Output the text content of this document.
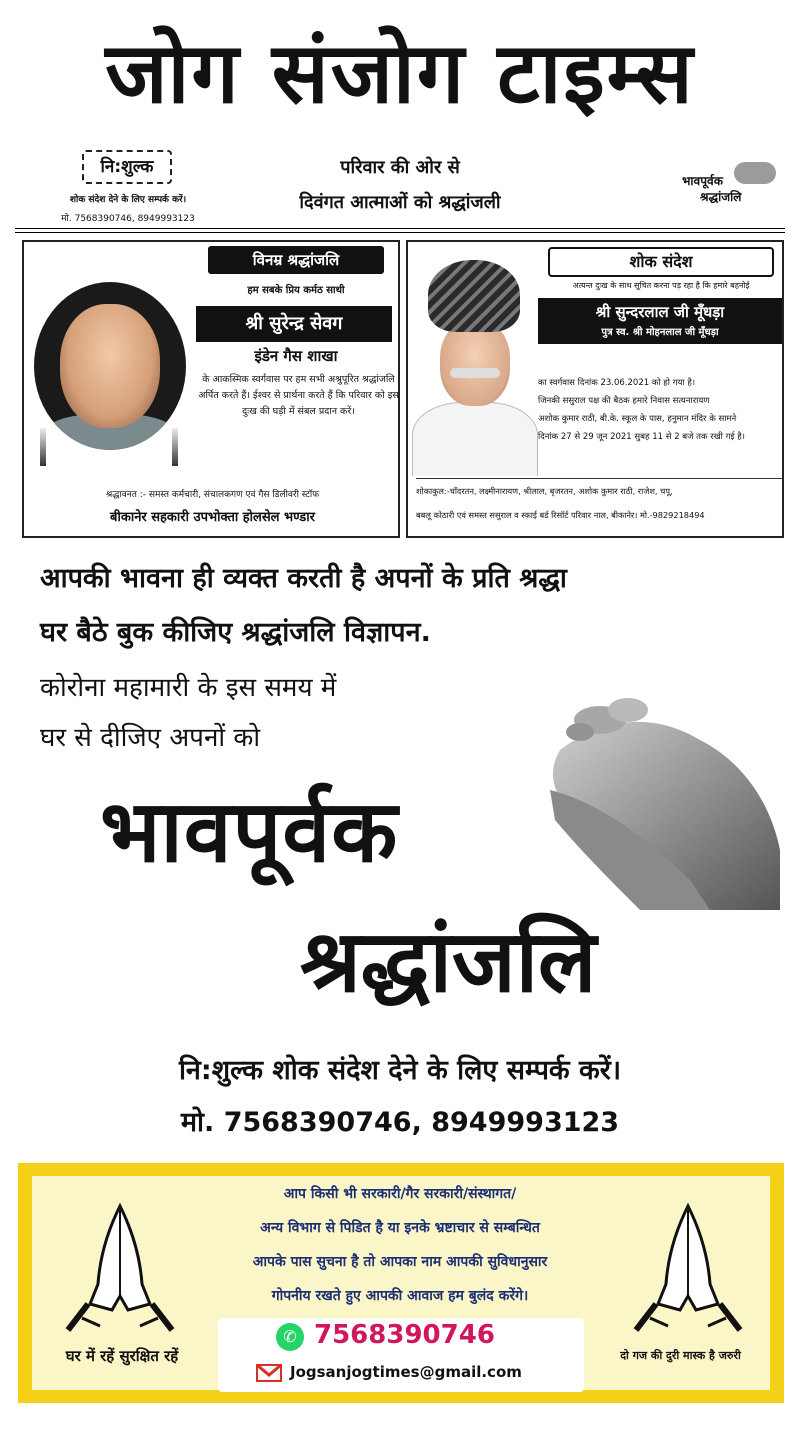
जोग संजोग टाइम्स
नि:शुल्क
शोक संदेश देने के लिए सम्पर्क करें।
मो. 7568390746, 8949993123
परिवार की ओर से
दिवंगत आत्माओं को श्रद्धांजली
भावपूर्वक
श्रद्धांजलि
विनम्र श्रद्धांजलि
हम सबके प्रिय कर्मठ साथी
श्री सुरेन्द्र सेवग
इंडेन गैस शाखा
के आकस्मिक स्वर्गवास पर हम सभी अश्रुपूरित श्रद्धांजलि अर्पित करते हैं। ईश्वर से प्रार्थना करते हैं कि परिवार को इस दुःख की घड़ी में संबल प्रदान करें।
श्रद्धावनत :- समस्त कर्मचारी, संचालकगण एवं गैस डिलीवरी स्टॉफ
बीकानेर सहकारी उपभोक्ता होलसेल भण्डार
शोक संदेश
अत्यन्त दुःख के साथ सूचित करना पड़ रहा है कि हमारे बहनोई
श्री सुन्दरलाल जी मूँधड़ा
पुत्र स्व. श्री मोहनलाल जी मूँधड़ा
का स्वर्गवास दिनांक 23.06.2021 को हो गया है।
जिनकी ससुराल पक्ष की बैठक हमारे निवास सत्यनारायण
अशोक कुमार राठी, बी.के. स्कूल के पास, हनुमान मंदिर के सामने
दिनांक 27 से 29 जून 2021 सुबह 11 से 2 बजे तक रखी गई है।
शोकाकुल:-चाँदरतन, लक्ष्मीनारायण, श्रीलाल, बृजरतन, अशोक कुमार राठी, राजेश, चपू,
बबलू कोठारी एवं समस्त ससुराल व स्काई बर्ड रिसॉर्ट परिवार नाल, बीकानेर। मो.-9829218494
आपकी भावना ही व्यक्त करती है अपनों के प्रति श्रद्धा
घर बैठे बुक कीजिए श्रद्धांजलि विज्ञापन.
कोरोना महामारी के इस समय में
घर से दीजिए अपनों को
भावपूर्वक
श्रद्धांजलि
नि:शुल्क शोक संदेश देने के लिए सम्पर्क करें।
मो. 7568390746, 8949993123
आप किसी भी सरकारी/गैर सरकारी/संस्थागत/
अन्य विभाग से पिडित है या इनके भ्रष्टाचार से सम्बन्धित
आपके पास सुचना है तो आपका नाम आपकी सुविधानुसार
गोपनीय रखते हुए आपकी आवाज हम बुलंद करेंगे।
घर में रहें सुरक्षित रहें	दो गज की दुरी मास्क है जरुरी
✆ 7568390746
Jogsanjogtimes@gmail.com
